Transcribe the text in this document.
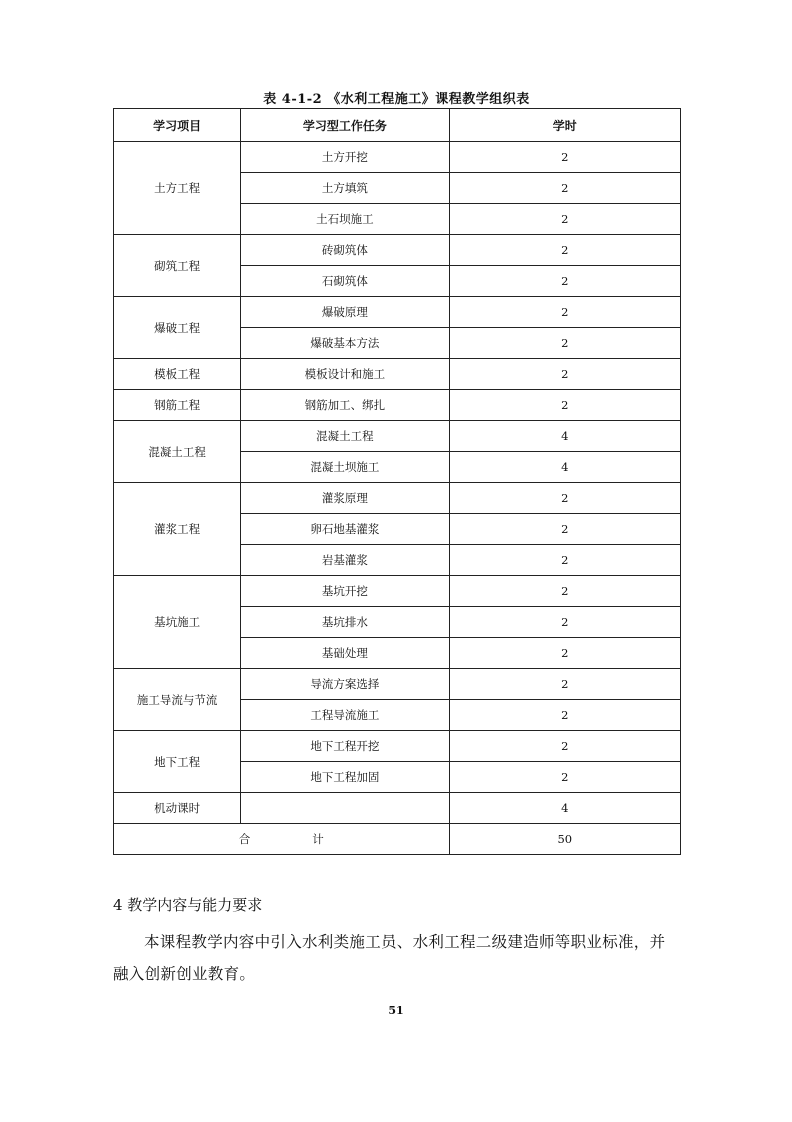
表 4-1-2 《水利工程施工》课程教学组织表
学习项目	学习型工作任务	学时
土方工程	土方开挖	2
	土方填筑	2
	土石坝施工	2
砌筑工程	砖砌筑体	2
	石砌筑体	2
爆破工程	爆破原理	2
	爆破基本方法	2
模板工程	模板设计和施工	2
钢筋工程	钢筋加工、绑扎	2
混凝土工程	混凝土工程	4
	混凝土坝施工	4
灌浆工程	灌浆原理	2
	卵石地基灌浆	2
	岩基灌浆	2
基坑施工	基坑开挖	2
	基坑排水	2
	基础处理	2
施工导流与节流	导流方案选择	2
	工程导流施工	2
地下工程	地下工程开挖	2
	地下工程加固	2
机动课时		4
合 计		50
4 教学内容与能力要求
本课程教学内容中引入水利类施工员、水利工程二级建造师等职业标准，并融入创新创业教育。
51
